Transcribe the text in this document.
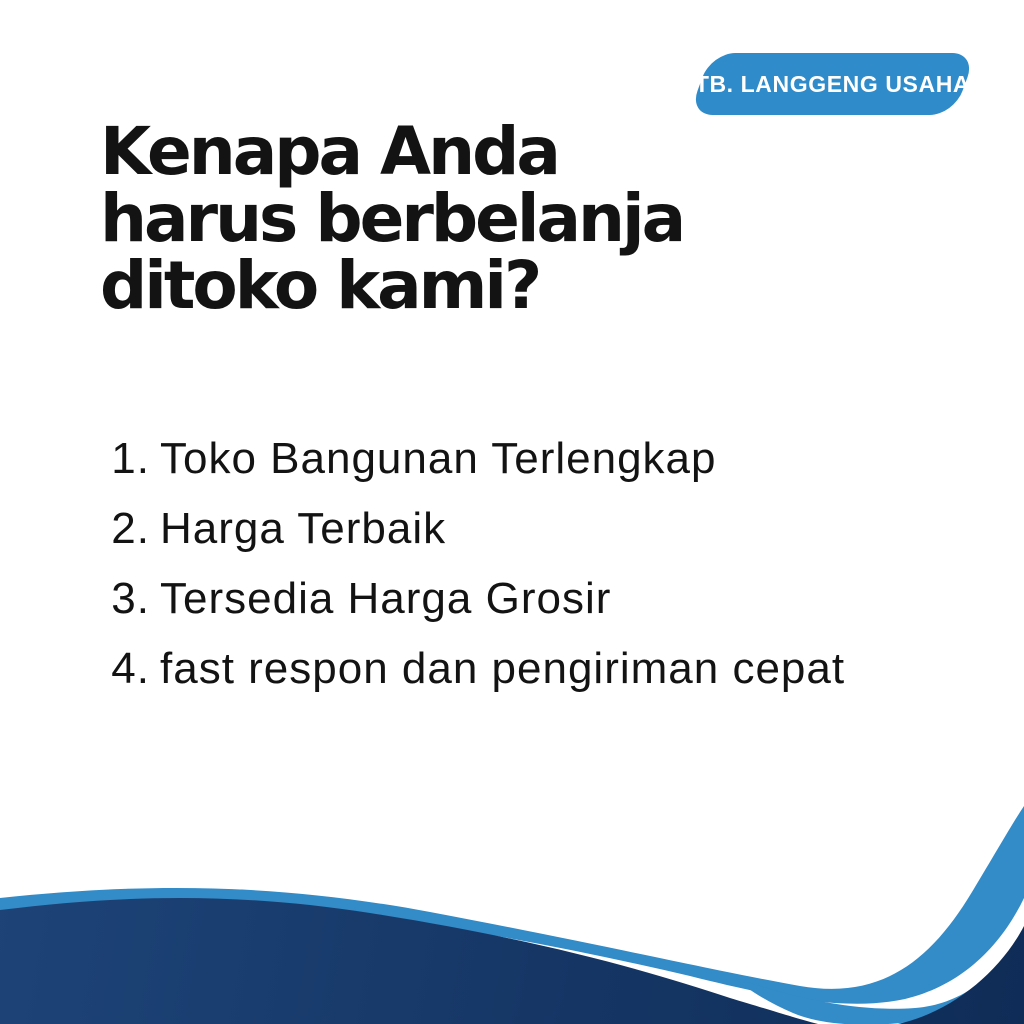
TB. LANGGENG USAHA
Kenapa Anda
harus berbelanja
ditoko kami?
1. Toko Bangunan Terlengkap
2. Harga Terbaik
3. Tersedia Harga Grosir
4. fast respon dan pengiriman cepat
